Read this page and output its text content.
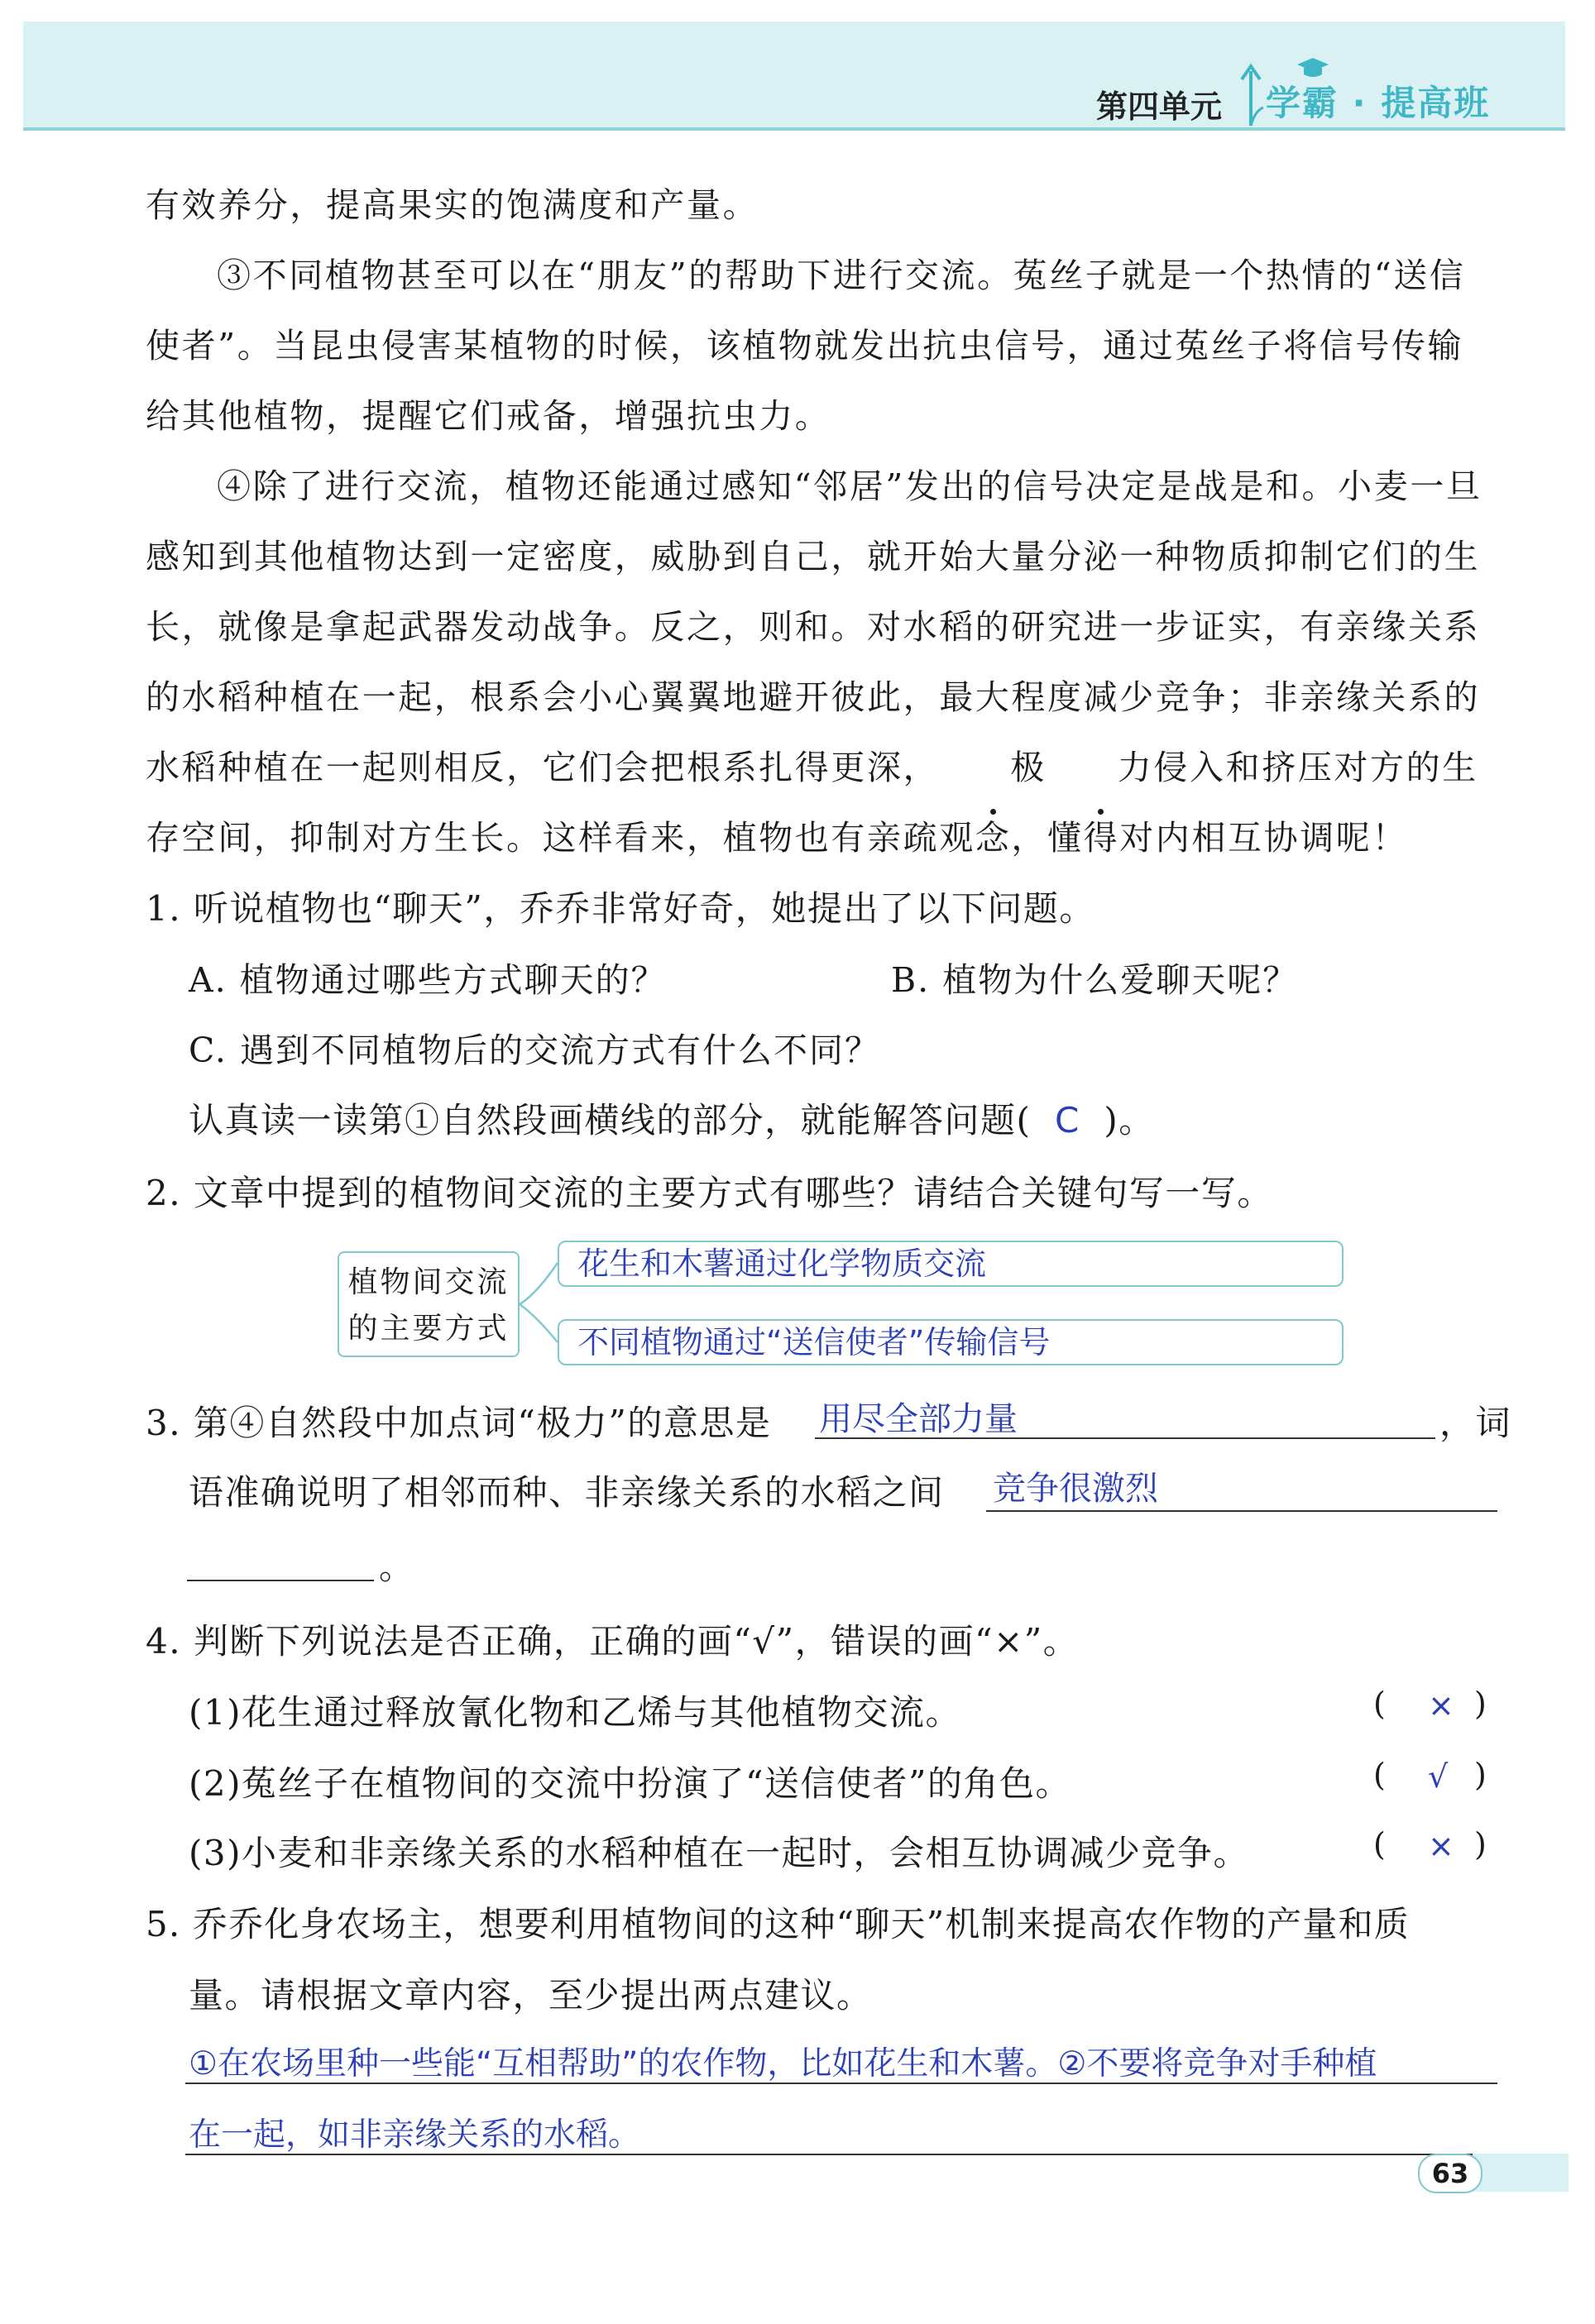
第四单元 学霸 · 提高班
有效养分，提高果实的饱满度和产量。
③不同植物甚至可以在“朋友”的帮助下进行交流。菟丝子就是一个热情的“送信使者”。当昆虫侵害某植物的时候，该植物就发出抗虫信号，通过菟丝子将信号传输给其他植物，提醒它们戒备，增强抗虫力。
④除了进行交流，植物还能通过感知“邻居”发出的信号决定是战是和。小麦一旦感知到其他植物达到一定密度，威胁到自己，就开始大量分泌一种物质抑制它们的生长，就像是拿起武器发动战争。反之，则和。对水稻的研究进一步证实，有亲缘关系的水稻种植在一起，根系会小心翼翼地避开彼此，最大程度减少竞争；非亲缘关系的水稻种植在一起则相反，它们会把根系扎得更深， 极 力侵入和挤压对方的生存空间，抑制对方生长。这样看来，植物也有亲疏观念，懂得对内相互协调呢！
1. 听说植物也“聊天”，乔乔非常好奇，她提出了以下问题。
A. 植物通过哪些方式聊天的？	B. 植物为什么爱聊天呢？
C. 遇到不同植物后的交流方式有什么不同？
认真读一读第①自然段画横线的部分，就能解答问题( C )。
2. 文章中提到的植物间交流的主要方式有哪些？请结合关键句写一写。
植物间交流
的主要方式
花生和木薯通过化学物质交流
不同植物通过“送信使者”传输信号
3. 第④自然段中加点词“极力”的意思是 用尽全部力量	，词
语准确说明了相邻而种、非亲缘关系的水稻之间 竞争很激烈
。
4. 判断下列说法是否正确，正确的画“√”，错误的画“×”。
(1)花生通过释放氰化物和乙烯与其他植物交流。	( × )
(2)菟丝子在植物间的交流中扮演了“送信使者”的角色。	( √ )
(3)小麦和非亲缘关系的水稻种植在一起时，会相互协调减少竞争。	( × )
5. 乔乔化身农场主，想要利用植物间的这种“聊天”机制来提高农作物的产量和质
量。请根据文章内容，至少提出两点建议。
①在农场里种一些能“互相帮助”的农作物，比如花生和木薯。②不要将竞争对手种植
在一起，如非亲缘关系的水稻。
63
